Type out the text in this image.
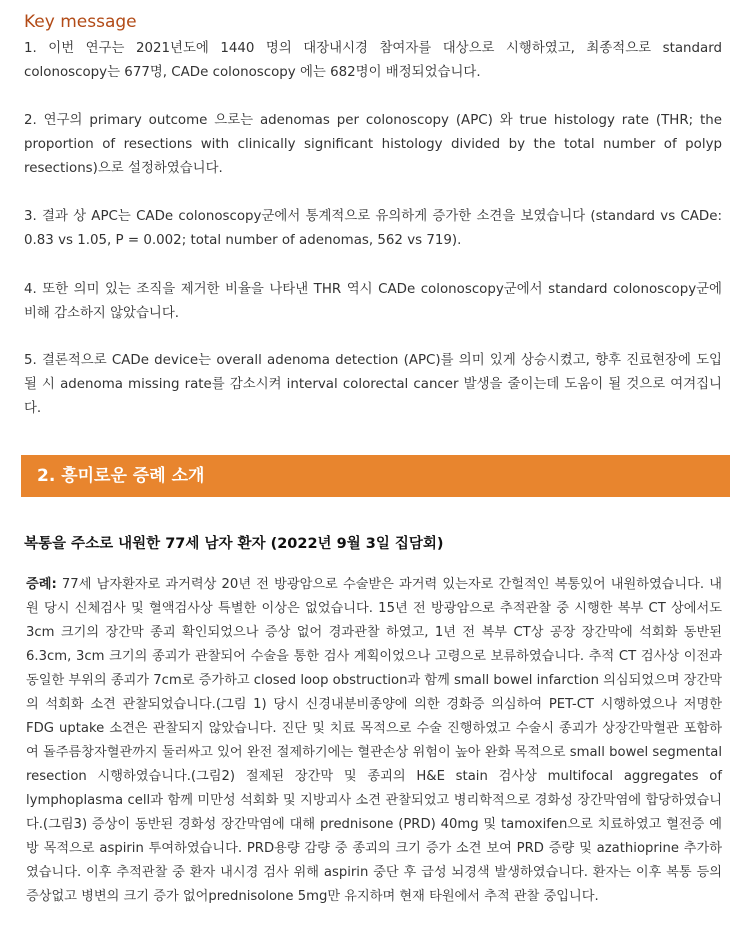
Key message

1. 이번 연구는 2021년도에 1440 명의 대장내시경 참여자를 대상으로 시행하였고, 최종적으로 standard colonoscopy는 677명, CADe colonoscopy 에는 682명이 배정되었습니다.

2. 연구의 primary outcome 으로는 adenomas per colonoscopy (APC) 와 true histology rate (THR; the proportion of resections with clinically significant histology divided by the total number of polyp resections)으로 설정하였습니다.

3. 결과 상 APC는 CADe colonoscopy군에서 통계적으로 유의하게 증가한 소견을 보였습니다 (standard vs CADe: 0.83 vs 1.05, P = 0.002; total number of adenomas, 562 vs 719).

4. 또한 의미 있는 조직을 제거한 비율을 나타낸 THR 역시 CADe colonoscopy군에서 standard colonoscopy군에 비해 감소하지 않았습니다.

5. 결론적으로 CADe device는 overall adenoma detection (APC)를 의미 있게 상승시켰고, 향후 진료현장에 도입될 시 adenoma missing rate를 감소시켜 interval colorectal cancer 발생을 줄이는데 도움이 될 것으로 여겨집니다.

2. 흥미로운 증례 소개
복통을 주소로 내원한 77세 남자 환자 (2022년 9월 3일 집담회)

증례: 77세 남자환자로 과거력상 20년 전 방광암으로 수술받은 과거력 있는자로 간헐적인 복통있어 내원하였습니다. 내원 당시 신체검사 및 혈액검사상 특별한 이상은 없었습니다. 15년 전 방광암으로 추적관찰 중 시행한 복부 CT 상에서도 3cm 크기의 장간막 종괴 확인되었으나 증상 없어 경과관찰 하였고, 1년 전 복부 CT상 공장 장간막에 석회화 동반된 6.3cm, 3cm 크기의 종괴가 관찰되어 수술을 통한 검사 계획이었으나 고령으로 보류하였습니다. 추적 CT 검사상 이전과 동일한 부위의 종괴가 7cm로 증가하고 closed loop obstruction과 함께 small bowel infarction 의심되었으며 장간막의 석회화 소견 관찰되었습니다.(그림 1) 당시 신경내분비종양에 의한 경화증 의심하여 PET-CT 시행하였으나 저명한 FDG uptake 소견은 관찰되지 않았습니다. 진단 및 치료 목적으로 수술 진행하였고 수술시 종괴가 상장간막혈관 포함하여 돌주름창자혈관까지 둘러싸고 있어 완전 절제하기에는 혈관손상 위험이 높아 완화 목적으로 small bowel segmental resection 시행하였습니다.(그림2) 절제된 장간막 및 종괴의 H&E stain 검사상 multifocal aggregates of lymphoplasma cell과 함께 미만성 석회화 및 지방괴사 소견 관찰되었고 병리학적으로 경화성 장간막염에 합당하였습니다.(그림3) 증상이 동반된 경화성 장간막염에 대해 prednisone (PRD) 40mg 및 tamoxifen으로 치료하였고 혈전증 예방 목적으로 aspirin 투여하였습니다. PRD용량 감량 중 종괴의 크기 증가 소견 보여 PRD 증량 및 azathioprine 추가하였습니다. 이후 추적관찰 중 환자 내시경 검사 위해 aspirin 중단 후 급성 뇌경색 발생하였습니다. 환자는 이후 복통 등의 증상없고 병변의 크기 증가 없어prednisolone 5mg만 유지하며 현재 타원에서 추적 관찰 중입니다.
